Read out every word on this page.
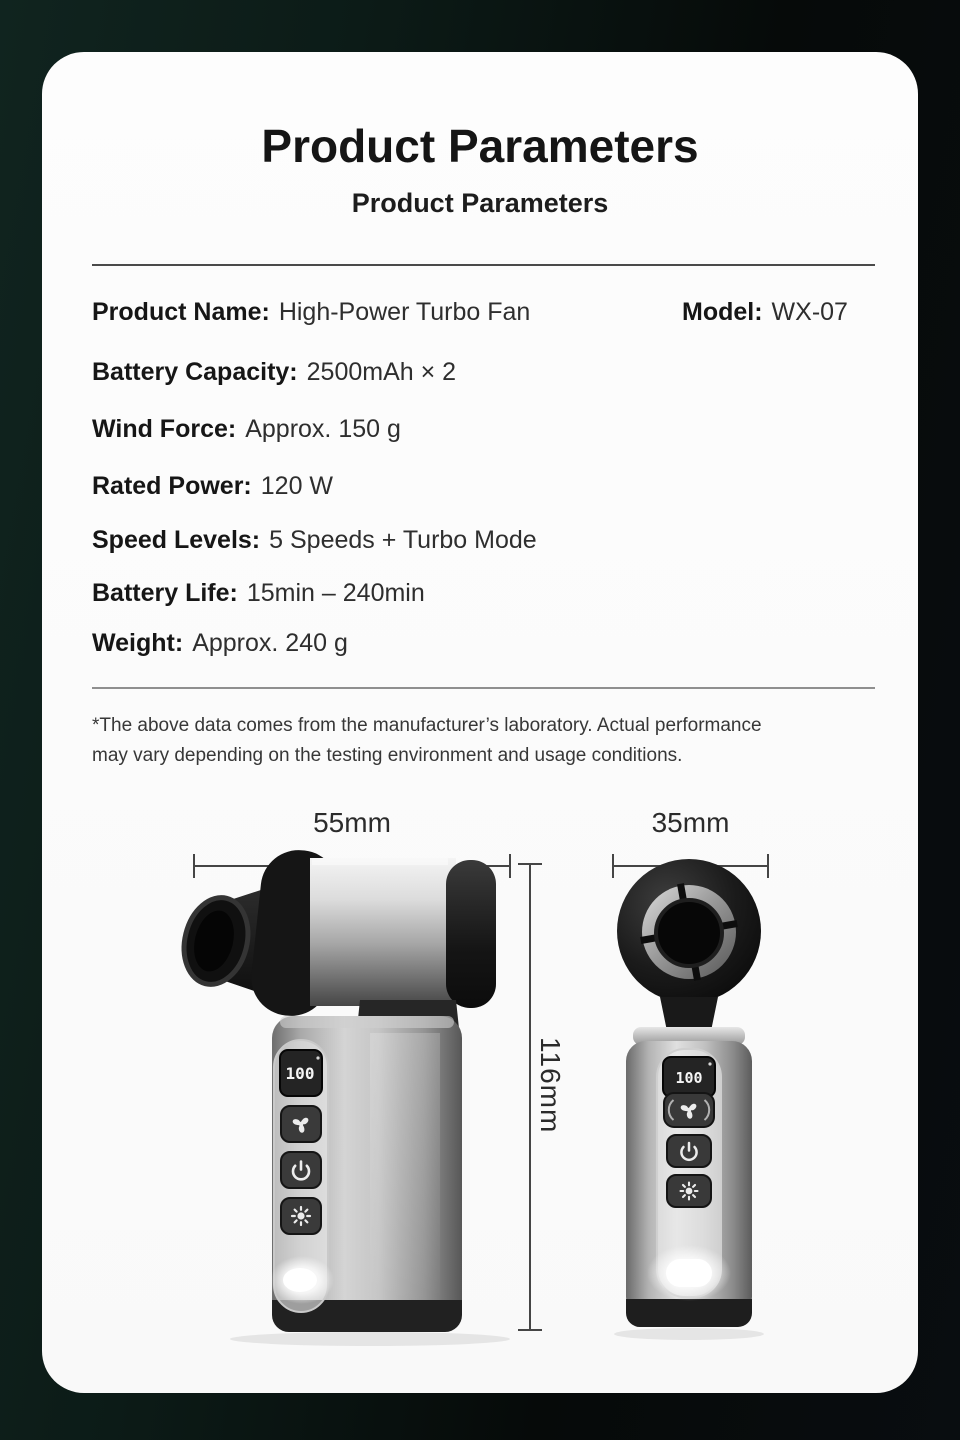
Product Parameters
Product Parameters
Product Name: High-Power Turbo Fan	Model: WX-07
Battery Capacity: 2500mAh × 2
Wind Force: Approx. 150 g
Rated Power: 120 W
Speed Levels: 5 Speeds + Turbo Mode
Battery Life: 15min – 240min
Weight: Approx. 240 g
*The above data comes from the manufacturer’s laboratory. Actual performance
may vary depending on the testing environment and usage conditions.
55mm	35mm
116mm
100	100
